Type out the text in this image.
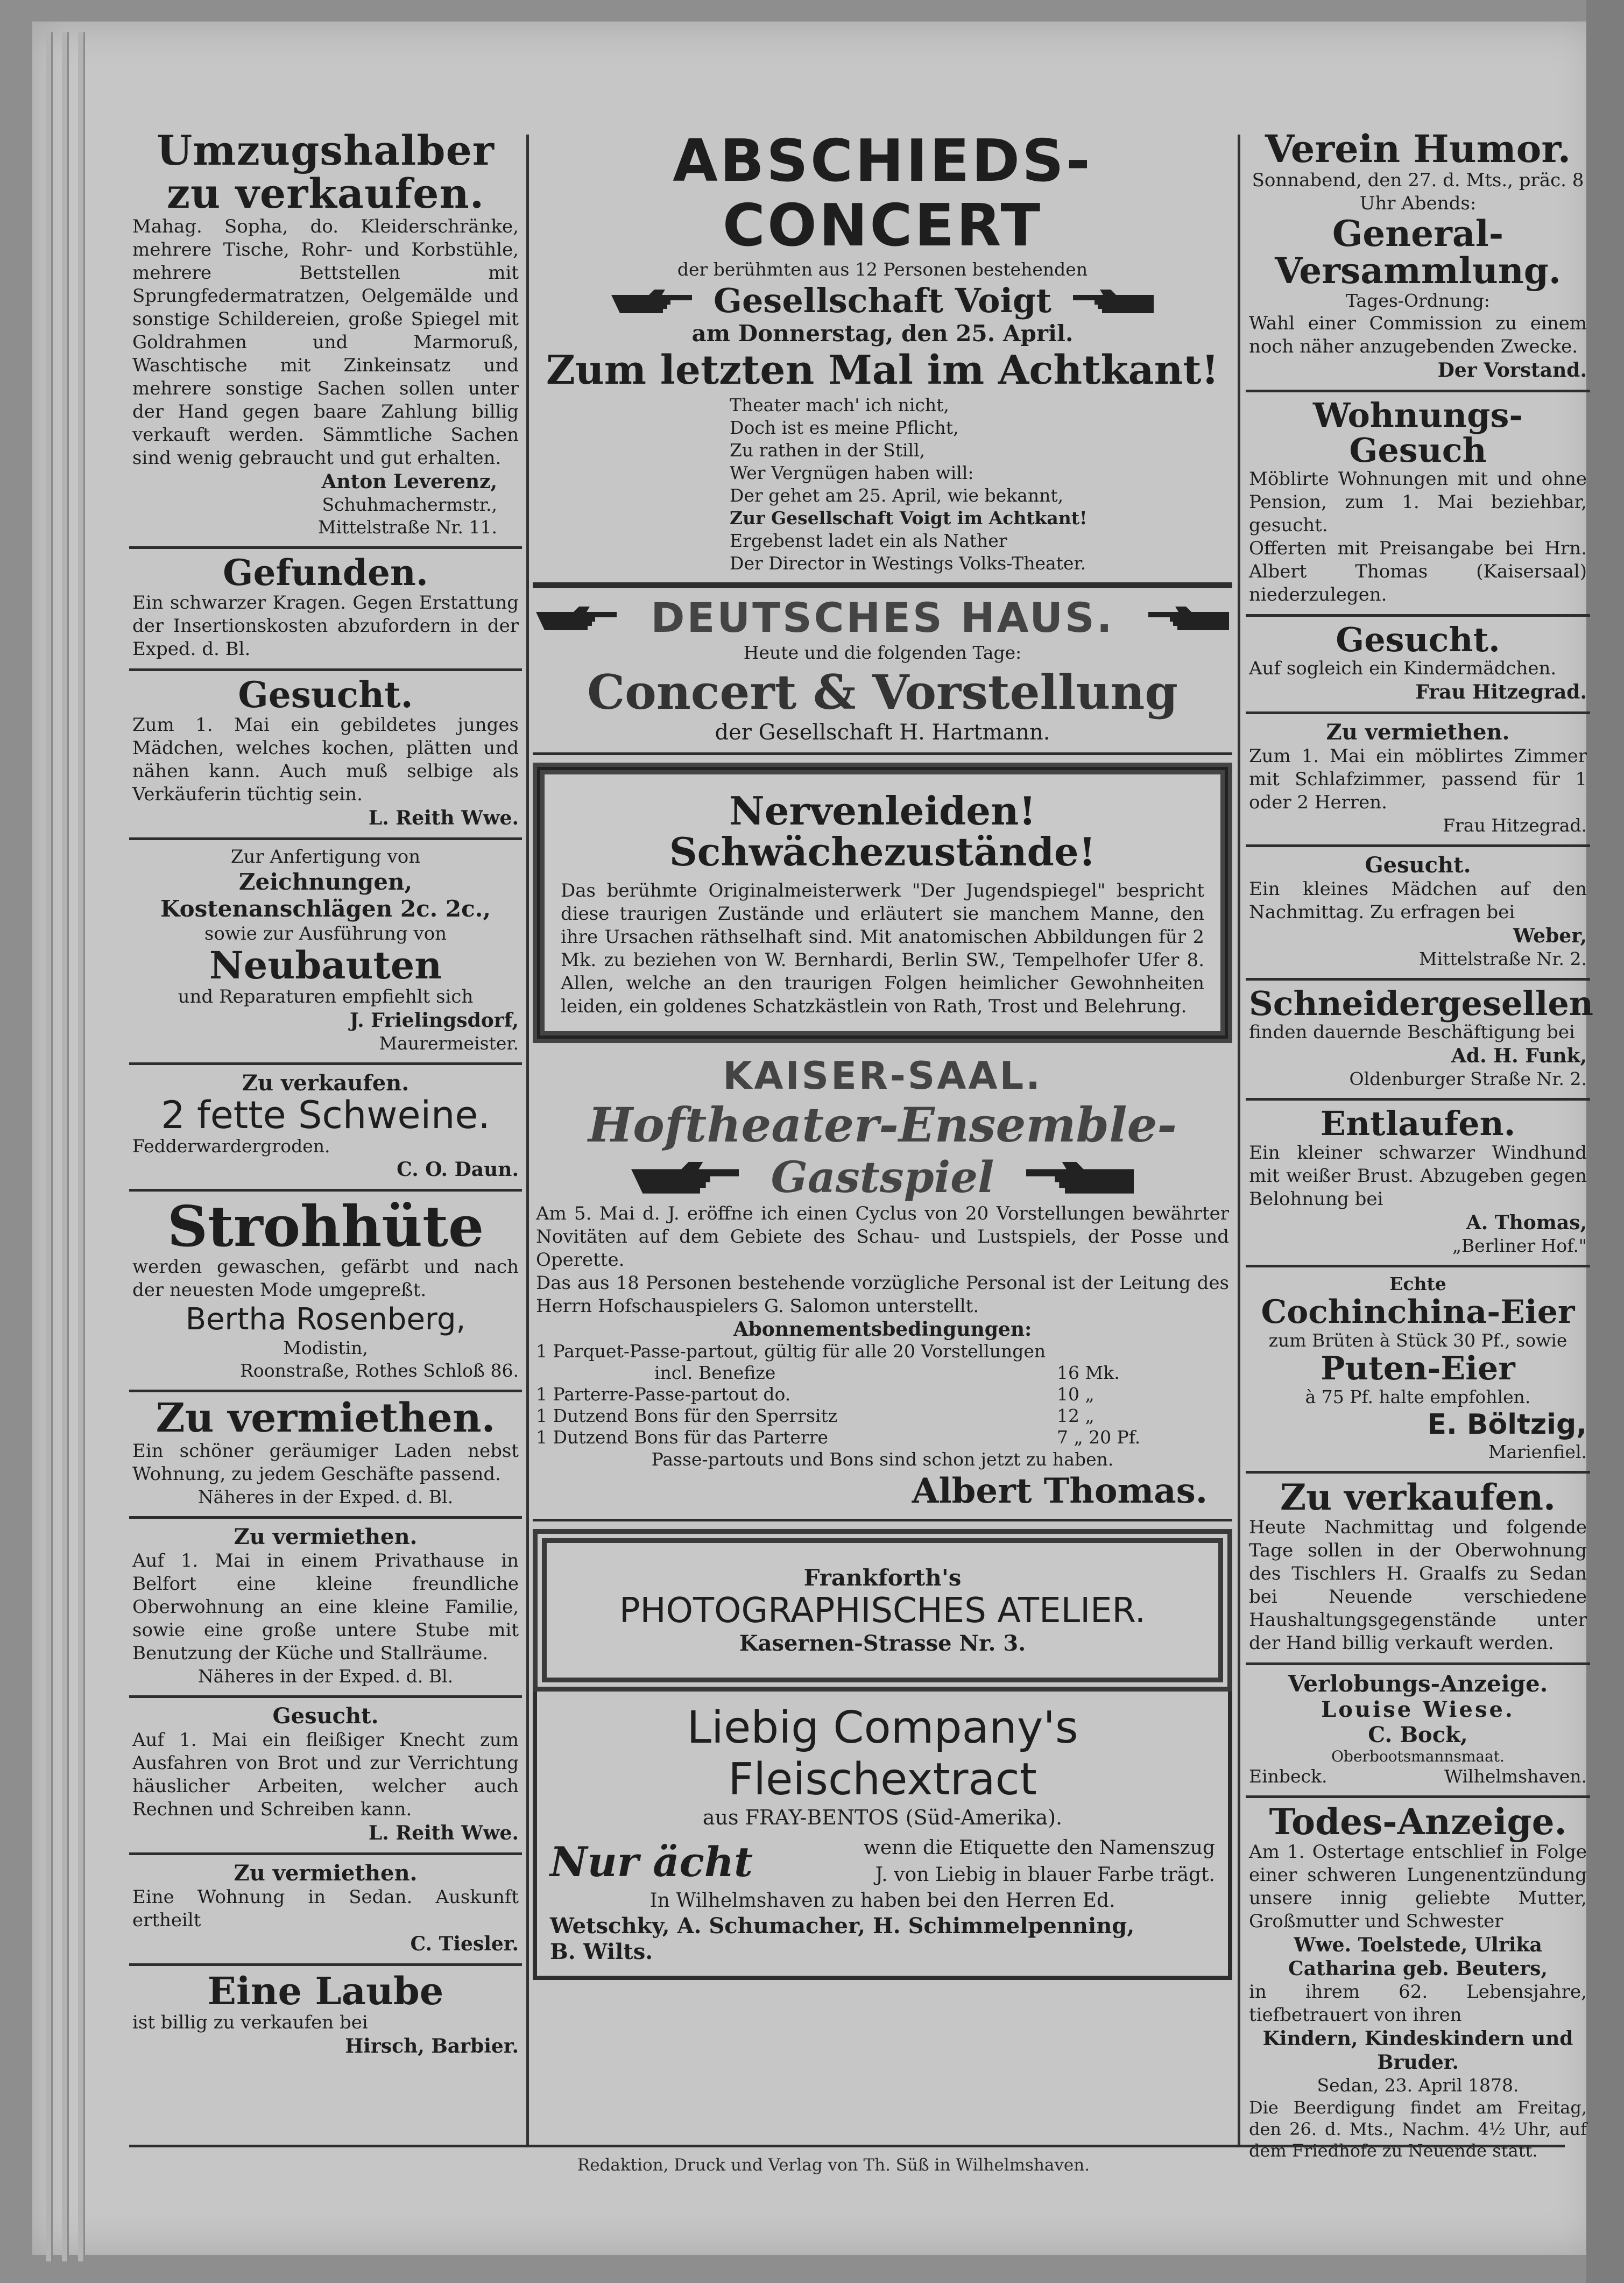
Umzugshalber zu verkaufen.
Mahag. Sopha, do. Kleiderschränke, mehrere Tische, Rohr- und Korbstühle, mehrere Bettstellen mit Sprungfedermatratzen, Oelgemälde und sonstige Schildereien, große Spiegel mit Goldrahmen und Marmoruß, Waschtische mit Zinkeinsatz und mehrere sonstige Sachen sollen unter der Hand gegen baare Zahlung billig verkauft werden. Sämmtliche Sachen sind wenig gebraucht und gut erhalten.
Anton Leverenz,
Schuhmachermstr.,
Mittelstraße Nr. 11.
Gefunden.
Ein schwarzer Kragen. Gegen Erstattung der Insertionskosten abzufordern in der Exped. d. Bl.
Gesucht.
Zum 1. Mai ein gebildetes junges Mädchen, welches kochen, plätten und nähen kann. Auch muß selbige als Verkäuferin tüchtig sein.
L. Reith Wwe.
Zur Anfertigung von
Zeichnungen, Kostenanschlägen 2c. 2c.,
sowie zur Ausführung von
Neubauten
und Reparaturen empfiehlt sich
J. Frielingsdorf,
Maurermeister.
Zu verkaufen.
2 fette Schweine.
Fedderwardergroden.
C. O. Daun.
Strohhüte
werden gewaschen, gefärbt und nach der neuesten Mode umgepreßt.
Bertha Rosenberg,
Modistin,
Roonstraße, Rothes Schloß 86.
Zu vermiethen.
Ein schöner geräumiger Laden nebst Wohnung, zu jedem Geschäfte passend.
Näheres in der Exped. d. Bl.
Zu vermiethen.
Auf 1. Mai in einem Privathause in Belfort eine kleine freundliche Oberwohnung an eine kleine Familie, sowie eine große untere Stube mit Benutzung der Küche und Stallräume.
Näheres in der Exped. d. Bl.
Gesucht.
Auf 1. Mai ein fleißiger Knecht zum Ausfahren von Brot und zur Verrichtung häuslicher Arbeiten, welcher auch Rechnen und Schreiben kann.
L. Reith Wwe.
Zu vermiethen.
Eine Wohnung in Sedan. Auskunft ertheilt
C. Tiesler.
Eine Laube
ist billig zu verkaufen bei
Hirsch, Barbier.
ABSCHIEDS-CONCERT
der berühmten aus 12 Personen bestehenden
Gesellschaft Voigt
am Donnerstag, den 25. April.
Zum letzten Mal im Achtkant!
Theater mach' ich nicht,
Doch ist es meine Pflicht,
Zu rathen in der Still,
Wer Vergnügen haben will:
Der gehet am 25. April, wie bekannt,
Zur Gesellschaft Voigt im Achtkant!
Ergebenst ladet ein als Nather
Der Director in Westings Volks-Theater.
DEUTSCHES HAUS.
Heute und die folgenden Tage:
Concert & Vorstellung
der Gesellschaft H. Hartmann.
Nervenleiden!
Schwächezustände!
Das berühmte Originalmeisterwerk "Der Jugendspiegel" bespricht diese traurigen Zustände und erläutert sie manchem Manne, den ihre Ursachen räthselhaft sind. Mit anatomischen Abbildungen für 2 Mk. zu beziehen von W. Bernhardi, Berlin SW., Tempelhofer Ufer 8. Allen, welche an den traurigen Folgen heimlicher Gewohnheiten leiden, ein goldenes Schatzkästlein von Rath, Trost und Belehrung.
KAISER-SAAL.
Hoftheater-Ensemble-
Gastspiel
Am 5. Mai d. J. eröffne ich einen Cyclus von 20 Vorstellungen bewährter Novitäten auf dem Gebiete des Schau- und Lustspiels, der Posse und Operette.
Das aus 18 Personen bestehende vorzügliche Personal ist der Leitung des Herrn Hofschauspielers G. Salomon unterstellt.
Abonnementsbedingungen:
1 Parquet-Passe-partout, gültig für alle 20 Vorstellungen
incl. Benefize	16 Mk.
1 Parterre-Passe-partout do.	10 „
1 Dutzend Bons für den Sperrsitz	12 „
1 Dutzend Bons für das Parterre	7 „ 20 Pf.
Passe-partouts und Bons sind schon jetzt zu haben.
Albert Thomas.
Frankforth's
PHOTOGRAPHISCHES ATELIER.
Kasernen-Strasse Nr. 3.
Liebig Company's Fleischextract
aus FRAY-BENTOS (Süd-Amerika).
Nur ächt	wenn die Etiquette den Namenszug
J. von Liebig in blauer Farbe trägt.
In Wilhelmshaven zu haben bei den Herren Ed.
Wetschky, A. Schumacher, H. Schimmelpenning,
B. Wilts.
Verein Humor.
Sonnabend, den 27. d. Mts., präc. 8 Uhr Abends:
General-Versammlung.
Tages-Ordnung:
Wahl einer Commission zu einem noch näher anzugebenden Zwecke.
Der Vorstand.
Wohnungs-Gesuch
Möblirte Wohnungen mit und ohne Pension, zum 1. Mai beziehbar, gesucht.
Offerten mit Preisangabe bei Hrn. Albert Thomas (Kaisersaal) niederzulegen.
Gesucht.
Auf sogleich ein Kindermädchen.
Frau Hitzegrad.
Zu vermiethen.
Zum 1. Mai ein möblirtes Zimmer mit Schlafzimmer, passend für 1 oder 2 Herren.
Frau Hitzegrad.
Gesucht.
Ein kleines Mädchen auf den Nachmittag. Zu erfragen bei
Weber,
Mittelstraße Nr. 2.
Schneidergesellen
finden dauernde Beschäftigung bei
Ad. H. Funk,
Oldenburger Straße Nr. 2.
Entlaufen.
Ein kleiner schwarzer Windhund mit weißer Brust. Abzugeben gegen Belohnung bei
A. Thomas,
„Berliner Hof."
Echte
Cochinchina-Eier
zum Brüten à Stück 30 Pf., sowie
Puten-Eier
à 75 Pf. halte empfohlen.
E. Böltzig,
Marienfiel.
Zu verkaufen.
Heute Nachmittag und folgende Tage sollen in der Oberwohnung des Tischlers H. Graalfs zu Sedan bei Neuende verschiedene Haushaltungsgegenstände unter der Hand billig verkauft werden.
Verlobungs-Anzeige.
Louise Wiese.
C. Bock,
Oberbootsmannsmaat.
Einbeck.	Wilhelmshaven.
Todes-Anzeige.
Am 1. Ostertage entschlief in Folge einer schweren Lungenentzündung unsere innig geliebte Mutter, Großmutter und Schwester
Wwe. Toelstede, Ulrika Catharina geb. Beuters,
in ihrem 62. Lebensjahre, tiefbetrauert von ihren
Kindern, Kindeskindern und Bruder.
Sedan, 23. April 1878.
Die Beerdigung findet am Freitag, den 26. d. Mts., Nachm. 4½ Uhr, auf dem Friedhofe zu Neuende statt.
Redaktion, Druck und Verlag von Th. Süß in Wilhelmshaven.
